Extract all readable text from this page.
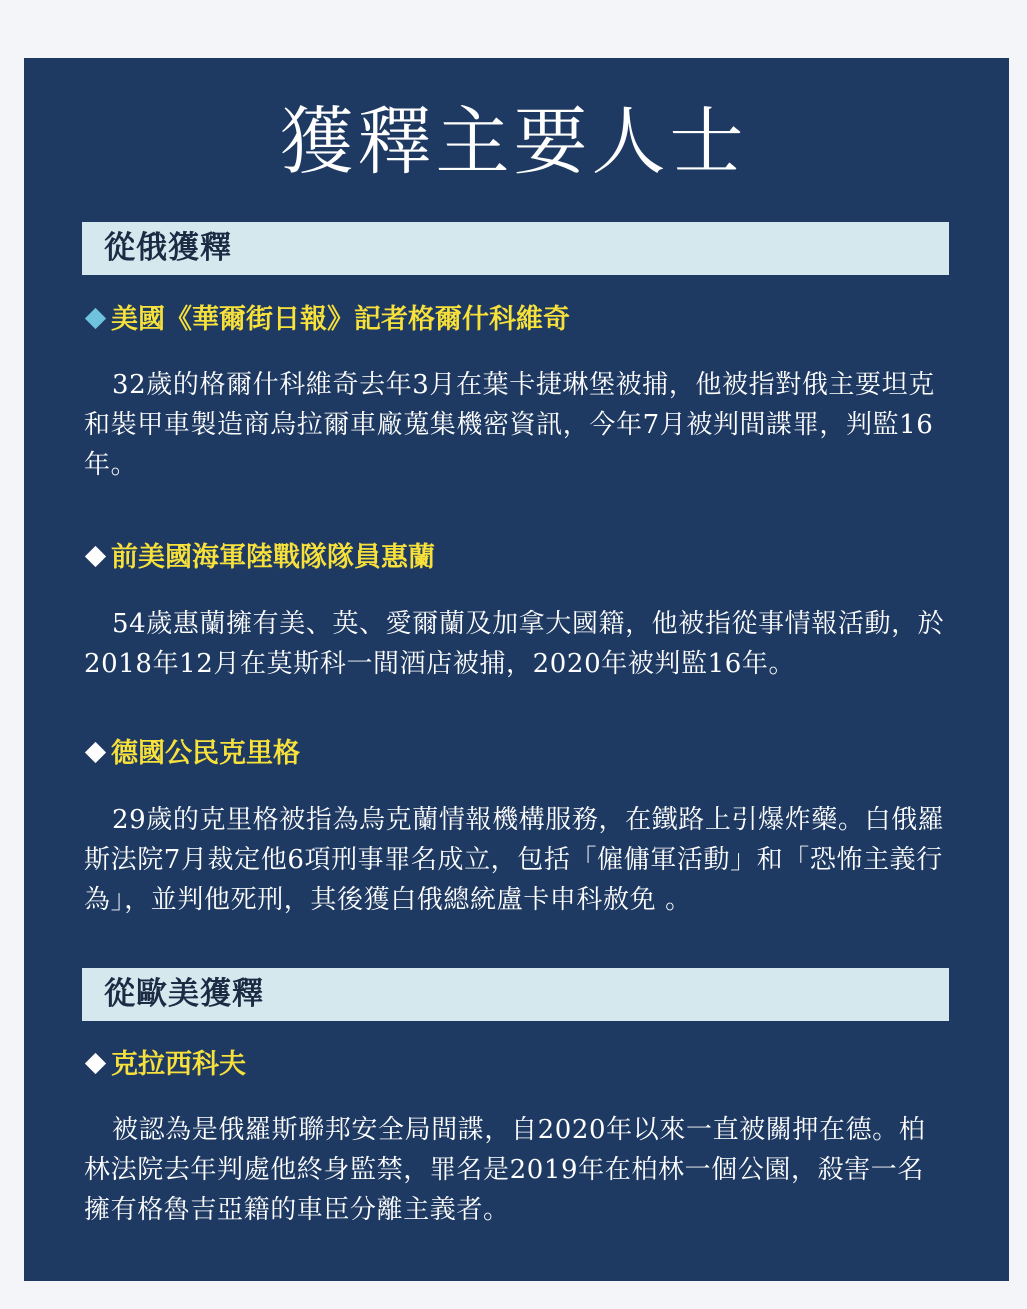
獲釋主要人士
從俄獲釋
美國《華爾街日報》記者格爾什科維奇

32歲的格爾什科維奇去年3月在葉卡捷琳堡被捕，他被指對俄主要坦克和裝甲車製造商烏拉爾車廠蒐集機密資訊，今年7月被判間諜罪，判監16年。

前美國海軍陸戰隊隊員惠蘭

54歲惠蘭擁有美、英、愛爾蘭及加拿大國籍，他被指從事情報活動，於2018年12月在莫斯科一間酒店被捕，2020年被判監16年。

德國公民克里格

29歲的克里格被指為烏克蘭情報機構服務，在鐵路上引爆炸藥。白俄羅斯法院7月裁定他6項刑事罪名成立，包括「僱傭軍活動」和「恐怖主義行為」，並判他死刑，其後獲白俄總統盧卡申科赦免 。

從歐美獲釋
克拉西科夫

被認為是俄羅斯聯邦安全局間諜，自2020年以來一直被關押在德。柏林法院去年判處他終身監禁，罪名是2019年在柏林一個公園，殺害一名擁有格魯吉亞籍的車臣分離主義者。
